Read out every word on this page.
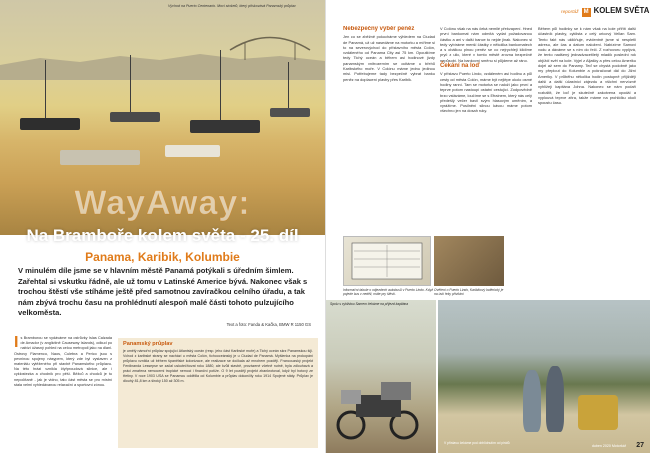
Východ na Puerto Centenario. Moci stošetů, který přiskovává Panamský průplav
WayAway:
Na Bramboře kolem světa - 25. díl
Panama, Karibik, Kolumbie
V minulém díle jsme se v hlavním městě Panamá potýkali s úředním šimlem. Zařehtal si vskutku řádně, ale už tomu v Latinské Americe bývá. Nakonec však s trochou štěstí vše stíháme ještě před samotnou zavíračkou celního úřadu, a tak nám zbývá trochu času na prohlédnutí alespoň malé části tohoto pulzujícího velkoměsta.
Text a foto: Fanda & Kačka, BMW R 1150 GS
I s Bramborou se vydáváme na ostrůvky Islas Calzada de Amador (v anglictině Causeway Islands), odkud po nabízí úžasný pohled na celou metropoli jako na dlani. Ostrovy Flamenco, Naos, Culebra a Perico jsou s pevninou spojeny násypem, který zde byl vystaven z materiálu vytěženého při stavbě Panamského průplavu. Na této hrázi vznikla čtyřproudová silnice, ale i cyklostezka a chodník pro pěší. Běžců a chodců je tu nepočítaně - jak je vidno, tato část města se pro místní stala velmi vyhledávanou relaxační a sportovní zónou.
Panamský průplav

je umělý námořní průplav spojující Atlantský oceán (resp. jeho část Karibské moře) a Tichý oceán skrz Panamskou šíji. Vchod z karibské strany se nachází u města Colón, tichooceánský je u Ciudad de Panamá. Myšlenka na prokopání průplavu vznikla už během španělské kolonizace, ale realizace se dočkala až mnohem později. Francouzský projekt Ferdinanda Lessepse se začal uskutečňovat roku 1880, ale kvůli stavbě, provázené včetně nutně, byla zdlouhavá a práci zmařena nemocemi tropické nemoci i finanční potíže. O 9 let později projekt zbankrotoval, když byl hotový ze třetiny. V roce 1903 USA se Panamou oddělila od Kolumbie a průplav dokončily roku 1914 Spojené státy. Průplav je dlouhý 81,8 km a široký 150 až 305 m.

reportáž M KOLEM SVĚTA
Nebezpečný výběr peněz
Jen co se zběžně pokocháme výhledem na Ciudad de Panamá, už už nasedáme na motorku a mířime si to na severovýchod do přístavního města Colón, vzdáleného od Panama City asi 75 km. Opouštíme tedy Tichý oceán a během asi hodinové jízdy panamským vnitrozemím se ocitáme u břehů Karibského moře. V Colónu máme jednu jedinou misi. Potřebujeme tady bezpečně vybrat banku peněz na doplacení plavby přes Karibik.
V Colónu však na nás čeká nemilé překvapení. Hned první bankomat nám odmítá vydat požadovanou částku a ani v další bance to nejde jinak. Nakonec si tedy vybíráme menší částky v několika bankomatech a s obálkou plnou peněz se co nejrychleji klidíme pryč z ulic, které v tomto městě zrovna bezpečně nepůsobí. Na bankovní směnu si půjdeme až ráno.
Čekání na loď
V přístavu Puerto Lindo, vzdáleném asi hodinu a půl cesty od města Colón, máme být nejlépe okolo osmé hodiny ranní. Tam se motorka se naloží jako první a teprve potom nastoupí ostatní cestující. Zodpovědně brzo vstáváme, loučíme se s Efrainem, který nás celý předešlý večer bavil svým hlasovým uměním, a vyrážíme. Posilněni silnou kávou máme potom všechno jen na dosah ruky.
Během půl hodinky se k nám však na kole přiřítí další účastník plavby, cyklista z celý uricový Vellan Sam. Tento fakt nás ukličňuje, evidentně jsme si nespletli adresu, ale čas a datum naložení. Nabízíme Samovi vodu a dáváme se s ním do řeči. Z rozhovoru vyplývá, že tento nadšený jednadvacetiletý mladík poslední rok objíždí svět na kole. Vyjel z Aljašky a přes celou Ameriku dojel až sem do Panamy. Teď se chystá podobně jako my přeplout do Kolumbie a pokračovat dál do Jižní Ameriky. V průběhu několika hodin postupně přijíždějí další a další účastníci zájezdu a všichni nervózně vyhlížejí kapitána Johna. Nakonec se nám podaří rozluštit, že loď je skutečně zakotvena opodál a vyplouvá teprve zítra, takže máme na prohlídku okolí spoustu času.
Informační tabule o odjezdech autobusů v Puerto Lindo. Když pojede bus v neděli, máte pry štěstí.
Ověření o Puerto Lindo, Karibikový loděnický je na ústí řeky přivítání
Spolu s cyklistou Samem čekáme na příjezd kapitána
V přístavu čekáme pod obhlídnutím od pirátů
duben 2020 Motorkář 27
